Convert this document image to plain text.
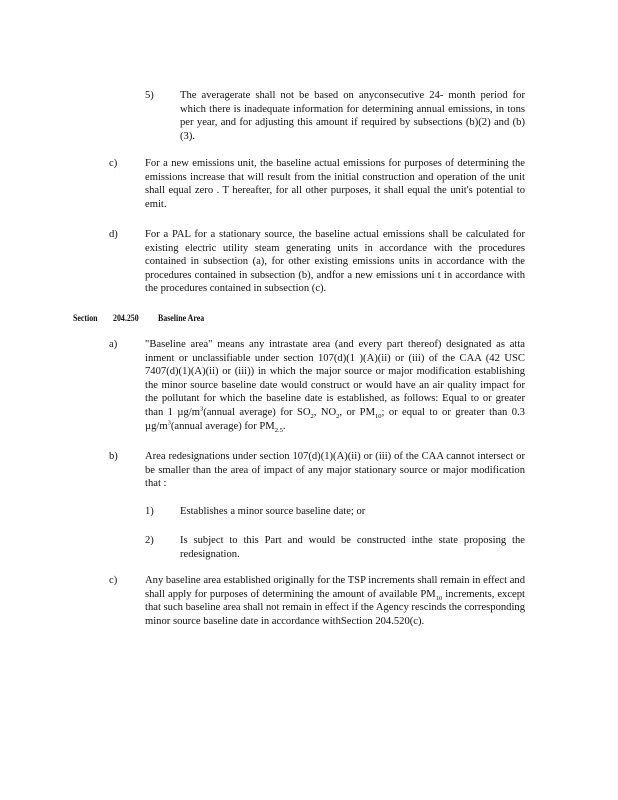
5) The averagerate shall not be based on anyconsecutive 24- month period for which there is inadequate information for determining annual emissions, in tons per year, and for adjusting this amount if required by subsections (b)(2) and (b)(3).
c)	For a new emissions unit, the baseline actual emissions for purposes of determining the emissions increase that will result from the initial construction and operation of the unit shall equal zero . T hereafter, for all other purposes, it shall equal the unit's potential to emit.
d)	For a PAL for a stationary source, the baseline actual emissions shall be calculated for existing electric utility steam generating units in accordance with the procedures contained in subsection (a), for other existing emissions units in accordance with the procedures contained in subsection (b), andfor a new emissions uni t in accordance with the procedures contained in subsection (c).
Section 204.250 Baseline Area
a)	"Baseline area" means any intrastate area (and every part thereof) designated as atta inment or unclassifiable under section 107(d)(1 )(A)(ii) or (iii) of the CAA (42 USC 7407(d)(1)(A)(ii) or (iii)) in which the major source or major modification establishing the minor source baseline date would construct or would have an air quality impact for the pollutant for which the baseline date is established, as follows: Equal to or greater than 1 $\mu g/m^3(annual$ average) for $SO_2$, $NO_2$, or $PM_{10}$; or equal to or greater than 0.3 $\mu g/m^3(annual$ average) for $PM_{2.5}$.
b)	Area redesignations under section 107(d)(1)(A)(ii) or (iii) of the CAA cannot intersect or be smaller than the area of impact of any major stationary source or major modification that :
1) Establishes a minor source baseline date; or
2) Is subject to this Part and would be constructed inthe state proposing the redesignation.
c)	Any baseline area established originally for the TSP increments shall remain in effect and shall apply for purposes of determining the amount of available $PM_{10}$ increments, except that such baseline area shall not remain in effect if the Agency rescinds the corresponding minor source baseline date in accordance withSection 204.520(c).
